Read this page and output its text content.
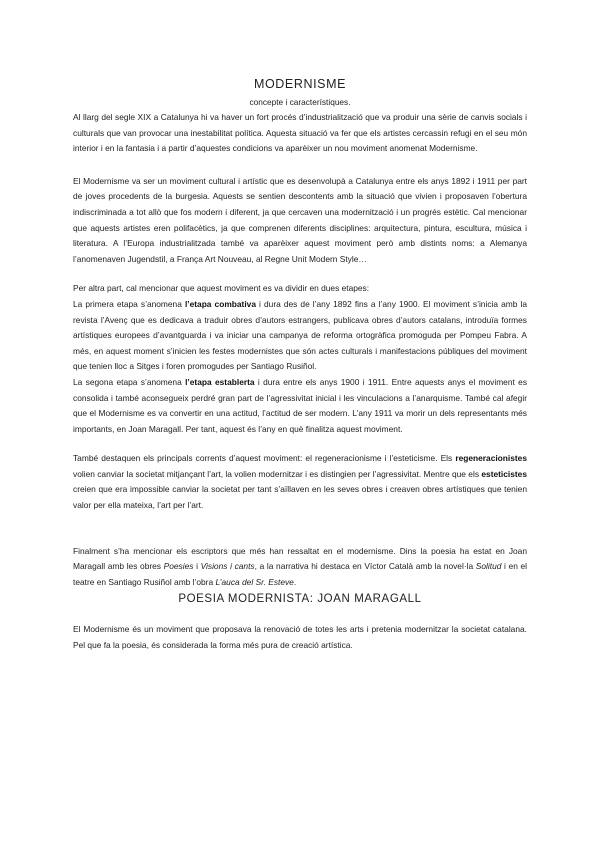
MODERNISME
concepte i característiques.

Al llarg del segle XIX a Catalunya hi va haver un fort procés d’industrialització que va produir una sèrie de canvis socials i culturals que van provocar una inestabilitat política. Aquesta situació va fer que els artistes cercassin refugi en el seu món interior i en la fantasia i a partir d’aquestes condicions va aparèixer un nou moviment anomenat Modernisme.

El Modernisme va ser un moviment cultural i artístic que es desenvolupà a Catalunya entre els anys 1892 i 1911 per part de joves procedents de la burgesia. Aquests se sentien descontents amb la situació que vivien i proposaven l’obertura indiscriminada a tot allò que fos modern i diferent, ja que cercaven una modernització i un progrés estètic. Cal mencionar que aquests artistes eren polifacètics, ja que comprenen diferents disciplines: arquitectura, pintura, escultura, música i literatura. A l’Europa industrialitzada també va aparèixer aquest moviment però amb distints noms: a Alemanya l’anomenaven Jugendstil, a França Art Nouveau, al Regne Unit Modern Style…

Per altra part, cal mencionar que aquest moviment es va dividir en dues etapes:

La primera etapa s’anomena l’etapa combativa i dura des de l’any 1892 fins a l’any 1900. El moviment s’inicia amb la revista l’Avenç que es dedicava a traduir obres d’autors estrangers, publicava obres d’autors catalans, introduïa formes artístiques europees d’avantguarda i va iniciar una campanya de reforma ortogràfica promoguda per Pompeu Fabra. A més, en aquest moment s’inicien les festes modernistes que són actes culturals i manifestacions públiques del moviment que tenien lloc a Sitges i foren promogudes per Santiago Rusiñol.

La segona etapa s’anomena l’etapa establerta i dura entre els anys 1900 i 1911. Entre aquests anys el moviment es consolida i també aconsegueix perdré gran part de l’agressivitat inicial i les vinculacions a l’anarquisme. També cal afegir que el Modernisme es va convertir en una actitud, l’actitud de ser modern. L’any 1911 va morir un dels representants més importants, en Joan Maragall. Per tant, aquest és l’any en què finalitza aquest moviment.

També destaquen els principals corrents d’aquest moviment: el regeneracionisme i l’esteticisme. Els regeneracionistes volien canviar la societat mitjançant l’art, la volien modernitzar i es distingien per l’agressivitat. Mentre que els esteticistes creien que era impossible canviar la societat per tant s’aïllaven en les seves obres i creaven obres artístiques que tenien valor per ella mateixa, l’art per l’art.

Finalment s’ha mencionar els escriptors que més han ressaltat en el modernisme. Dins la poesia ha estat en Joan Maragall amb les obres Poesies i Visions i cants, a la narrativa hi destaca en Víctor Català amb la novel·la Solitud i en el teatre en Santiago Rusiñol amb l’obra L’auca del Sr. Esteve.

POESIA MODERNISTA: JOAN MARAGALL

El Modernisme és un moviment que proposava la renovació de totes les arts i pretenia modernitzar la societat catalana. Pel que fa la poesia, és considerada la forma més pura de creació artística.
